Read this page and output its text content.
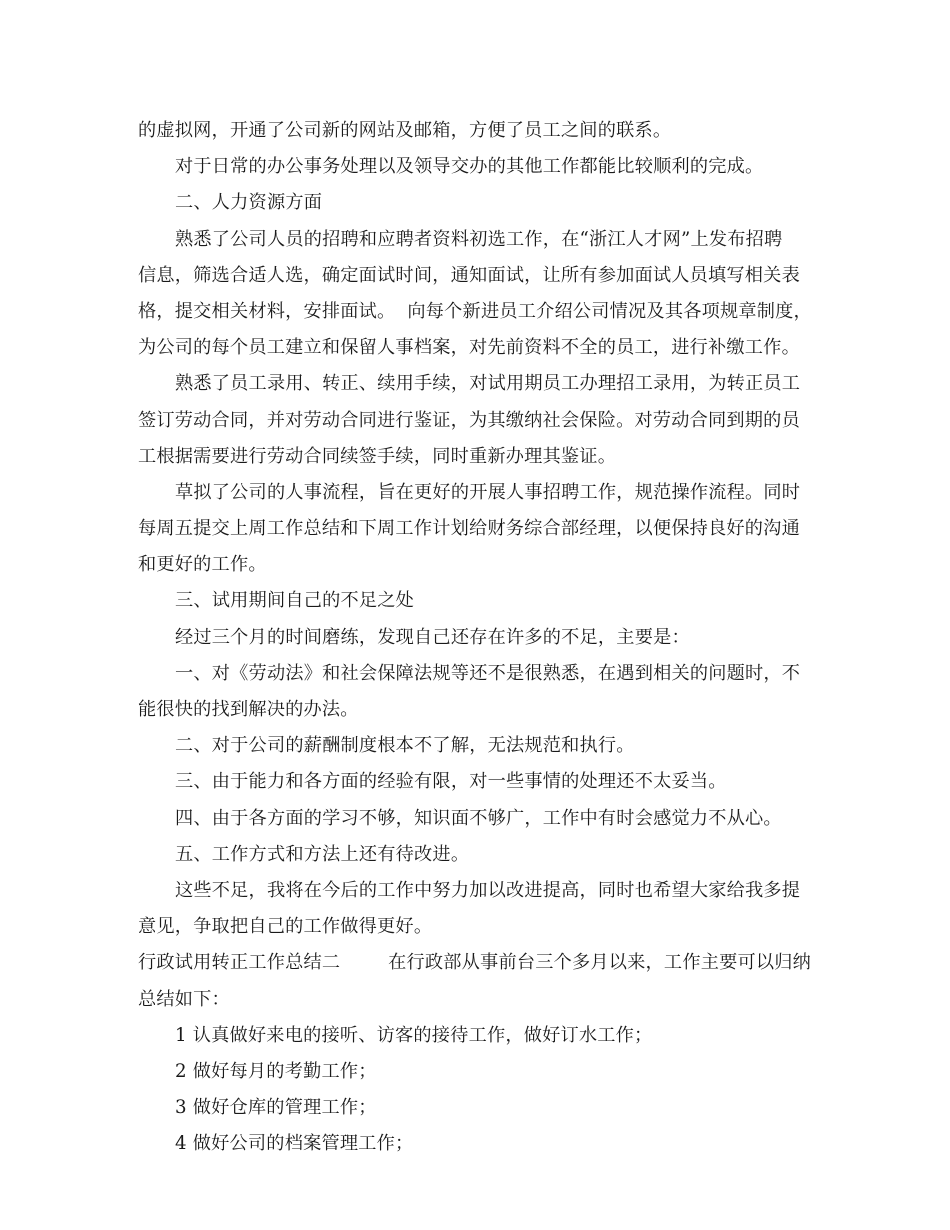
的虚拟网，开通了公司新的网站及邮箱，方便了员工之间的联系。
对于日常的办公事务处理以及领导交办的其他工作都能比较顺利的完成。
二、人力资源方面
熟悉了公司人员的招聘和应聘者资料初选工作，在“浙江人才网”上发布招聘
信息，筛选合适人选，确定面试时间，通知面试，让所有参加面试人员填写相关表
格，提交相关材料，安排面试。  向每个新进员工介绍公司情况及其各项规章制度，
为公司的每个员工建立和保留人事档案，对先前资料不全的员工，进行补缴工作。
熟悉了员工录用、转正、续用手续，对试用期员工办理招工录用，为转正员工
签订劳动合同，并对劳动合同进行鉴证，为其缴纳社会保险。对劳动合同到期的员
工根据需要进行劳动合同续签手续，同时重新办理其鉴证。
草拟了公司的人事流程，旨在更好的开展人事招聘工作，规范操作流程。同时
每周五提交上周工作总结和下周工作计划给财务综合部经理，以便保持良好的沟通
和更好的工作。
三、试用期间自己的不足之处
经过三个月的时间磨练，发现自己还存在许多的不足，主要是：
一、对《劳动法》和社会保障法规等还不是很熟悉，在遇到相关的问题时，不
能很快的找到解决的办法。
二、对于公司的薪酬制度根本不了解，无法规范和执行。
三、由于能力和各方面的经验有限，对一些事情的处理还不太妥当。
四、由于各方面的学习不够，知识面不够广，工作中有时会感觉力不从心。
五、工作方式和方法上还有待改进。
这些不足，我将在今后的工作中努力加以改进提高，同时也希望大家给我多提
意见，争取把自己的工作做得更好。
行政试用转正工作总结二        在行政部从事前台三个多月以来，工作主要可以归纳
总结如下：
1 认真做好来电的接听、访客的接待工作，做好订水工作；
2 做好每月的考勤工作；
3 做好仓库的管理工作；
4 做好公司的档案管理工作；
